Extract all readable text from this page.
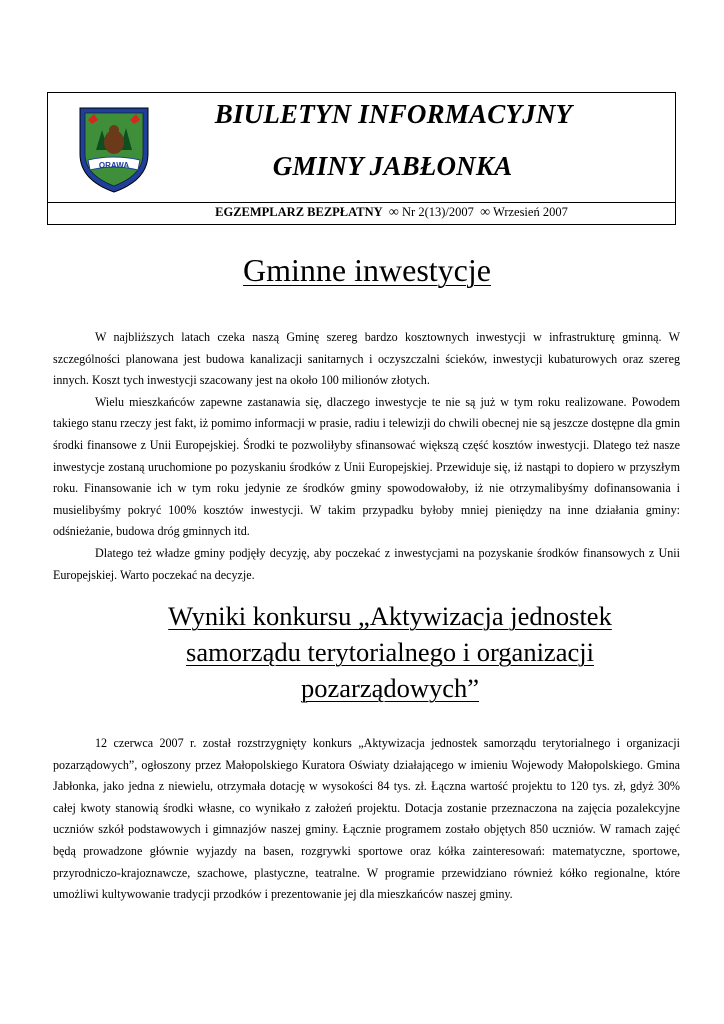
ORAWA
BIULETYN INFORMACYJNY
GMINY JABŁONKA
EGZEMPLARZ BEZPŁATNY ∞ Nr 2(13)/2007 ∞ Wrzesień 2007
Gminne inwestycje

W najbliższych latach czeka naszą Gminę szereg bardzo kosztownych inwestycji w infrastrukturę gminną. W szczególności planowana jest budowa kanalizacji sanitarnych i oczyszczalni ścieków, inwestycji kubaturowych oraz szereg innych. Koszt tych inwestycji szacowany jest na około 100 milionów złotych.

Wielu mieszkańców zapewne zastanawia się, dlaczego inwestycje te nie są już w tym roku realizowane. Powodem takiego stanu rzeczy jest fakt, iż pomimo informacji w prasie, radiu i telewizji do chwili obecnej nie są jeszcze dostępne dla gmin środki finansowe z Unii Europejskiej. Środki te pozwoliłyby sfinansować większą część kosztów inwestycji. Dlatego też nasze inwestycje zostaną uruchomione po pozyskaniu środków z Unii Europejskiej. Przewiduje się, iż nastąpi to dopiero w przyszłym roku. Finansowanie ich w tym roku jedynie ze środków gminy spowodowałoby, iż nie otrzymalibyśmy dofinansowania i musielibyśmy pokryć 100% kosztów inwestycji. W takim przypadku byłoby mniej pieniędzy na inne działania gminy: odśnieżanie, budowa dróg gminnych itd.

Dlatego też władze gminy podjęły decyzję, aby poczekać z inwestycjami na pozyskanie środków finansowych z Unii Europejskiej. Warto poczekać na decyzje.

Wyniki konkursu „Aktywizacja jednostek
samorządu terytorialnego i organizacji
pozarządowych”

12 czerwca 2007 r. został rozstrzygnięty konkurs „Aktywizacja jednostek samorządu terytorialnego i organizacji pozarządowych”, ogłoszony przez Małopolskiego Kuratora Oświaty działającego w imieniu Wojewody Małopolskiego. Gmina Jabłonka, jako jedna z niewielu, otrzymała dotację w wysokości 84 tys. zł. Łączna wartość projektu to 120 tys. zł, gdyż 30% całej kwoty stanowią środki własne, co wynikało z założeń projektu. Dotacja zostanie przeznaczona na zajęcia pozalekcyjne uczniów szkół podstawowych i gimnazjów naszej gminy. Łącznie programem zostało objętych 850 uczniów. W ramach zajęć będą prowadzone głównie wyjazdy na basen, rozgrywki sportowe oraz kółka zainteresowań: matematyczne, sportowe, przyrodniczo-krajoznawcze, szachowe, plastyczne, teatralne. W programie przewidziano również kółko regionalne, które umożliwi kultywowanie tradycji przodków i prezentowanie jej dla mieszkańców naszej gminy.
